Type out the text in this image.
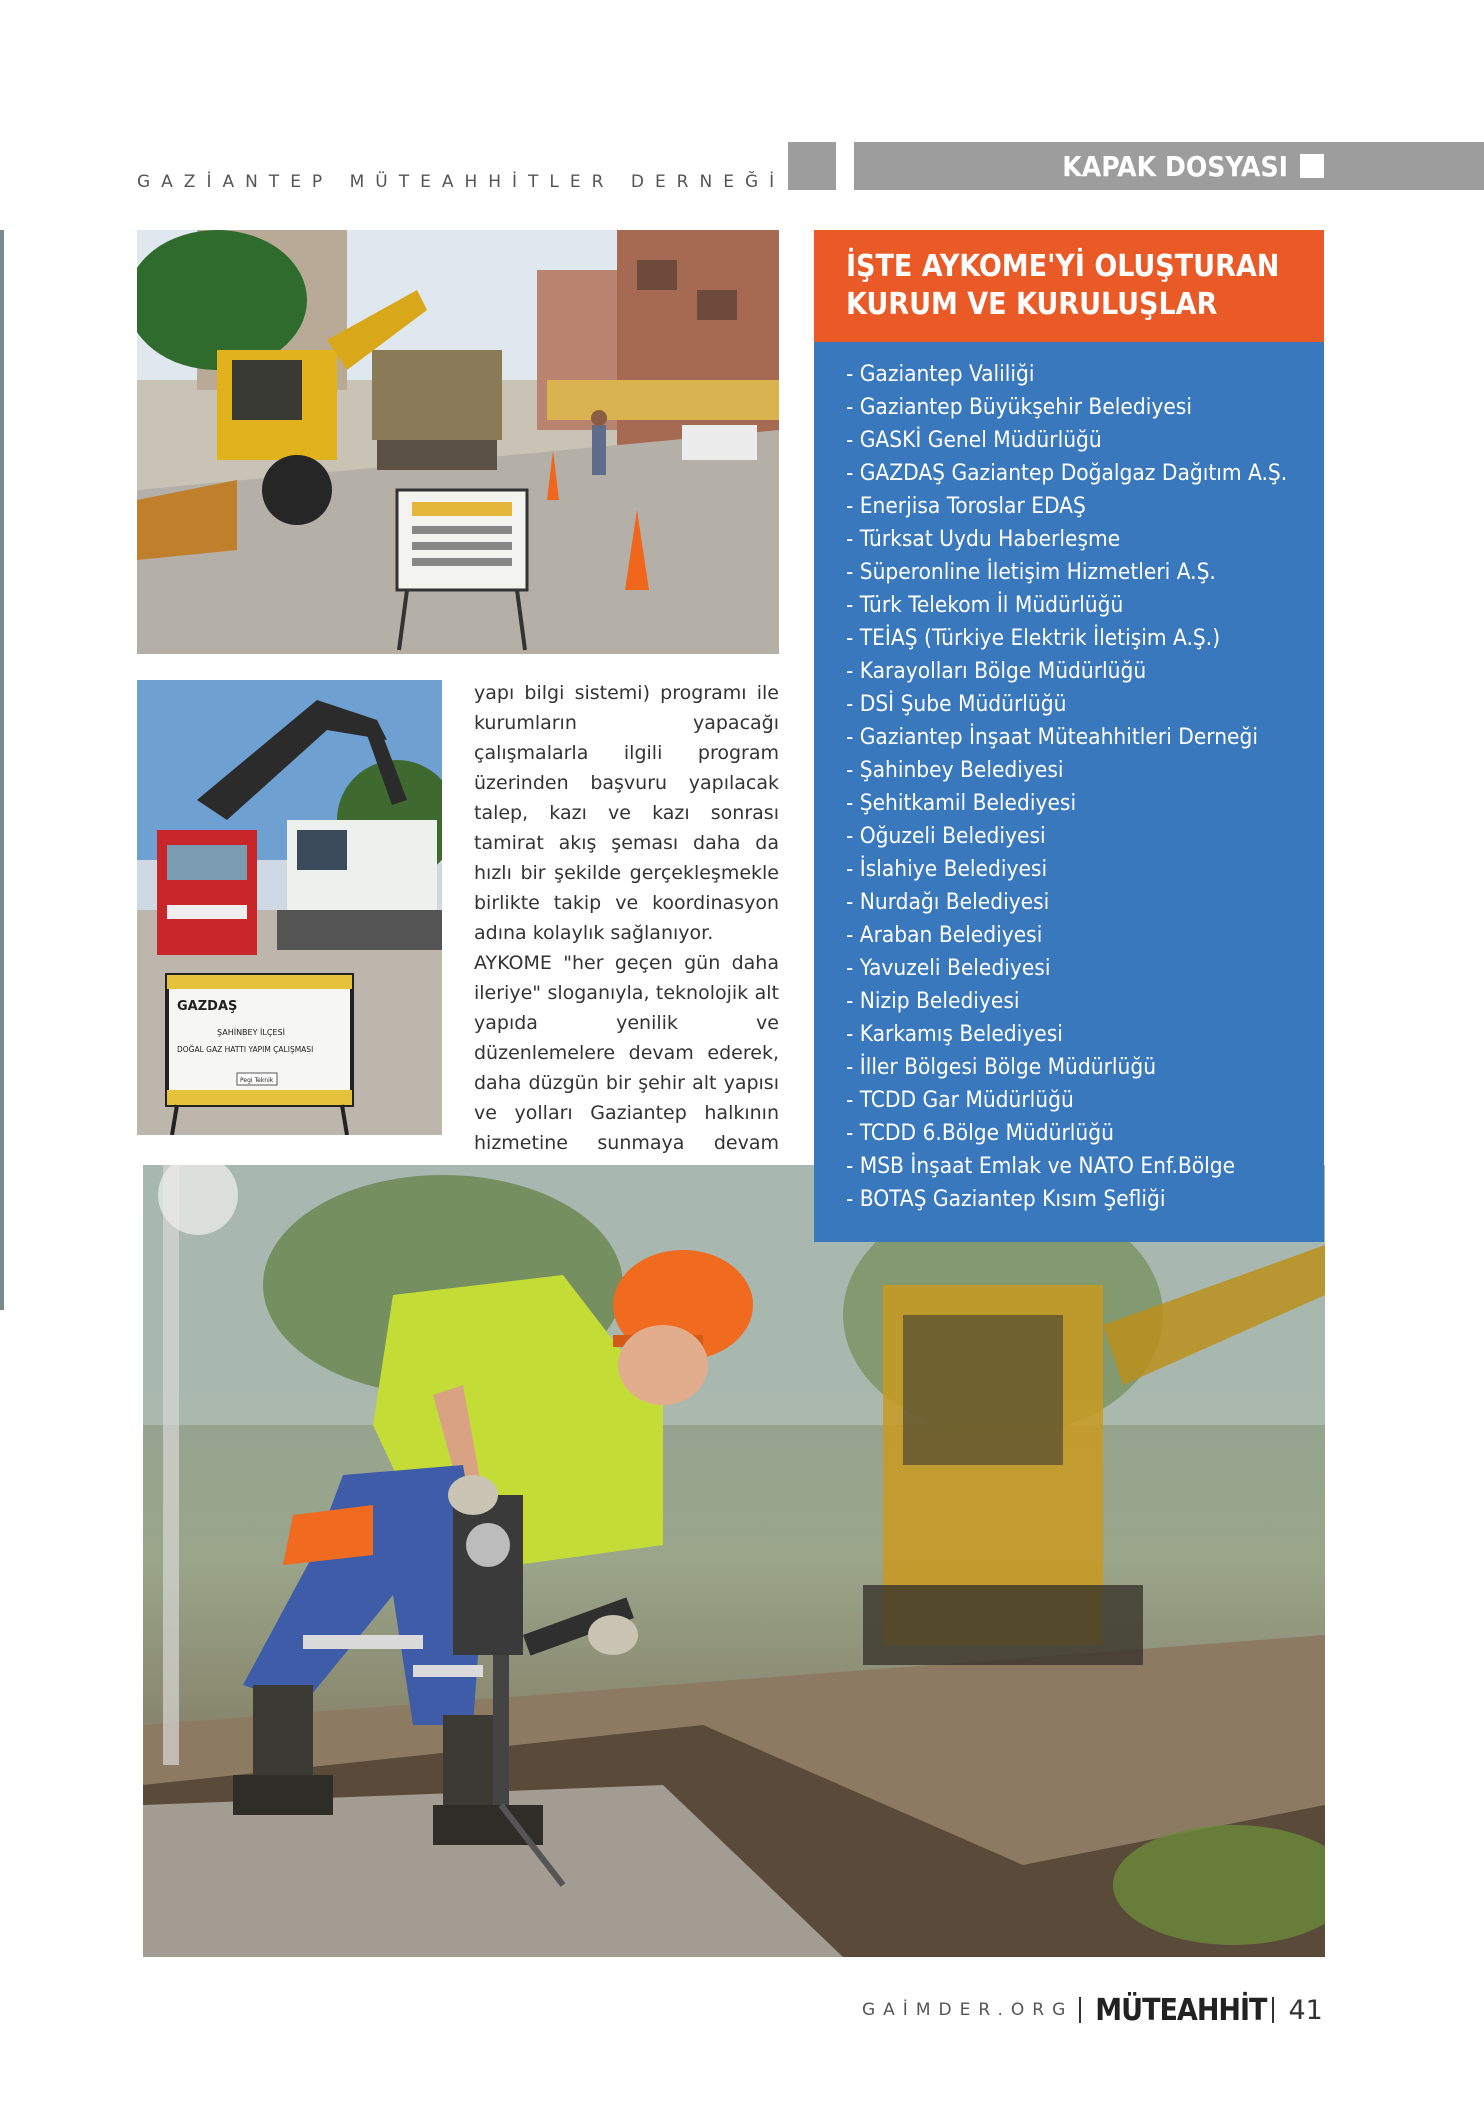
GAZİANTEP MÜTEAHHİTLER DERNEĞİ	KAPAK DOSYASI
GAZDAŞ
ŞAHİNBEY İLÇESİ
DOĞAL GAZ HATTI YAPIM ÇALIŞMASI
Pegi Teknik

yapı bilgi sistemi) programı ile kurumların yapacağı çalışmalarla ilgili program üzerinden başvuru yapılacak talep, kazı ve kazı sonrası tamirat akış şeması daha da hızlı bir şekilde gerçekleşmekle birlikte takip ve koordinasyon adına kolaylık sağlanıyor.

AYKOME "her geçen gün daha ileriye" sloganıyla, teknolojik alt yapıda yenilik ve düzenlemelere devam ederek, daha düzgün bir şehir alt yapısı ve yolları Gaziantep halkının hizmetine sunmaya devam

İŞTE AYKOME'Yİ OLUŞTURAN
KURUM VE KURULUŞLAR
- Gaziantep Valiliği
- Gaziantep Büyükşehir Belediyesi
- GASKİ Genel Müdürlüğü
- GAZDAŞ Gaziantep Doğalgaz Dağıtım A.Ş.
- Enerjisa Toroslar EDAŞ
- Türksat Uydu Haberleşme
- Süperonline İletişim Hizmetleri A.Ş.
- Türk Telekom İl Müdürlüğü
- TEİAŞ (Türkiye Elektrik İletişim A.Ş.)
- Karayolları Bölge Müdürlüğü
- DSİ Şube Müdürlüğü
- Gaziantep İnşaat Müteahhitleri Derneği
- Şahinbey Belediyesi
- Şehitkamil Belediyesi
- Oğuzeli Belediyesi
- İslahiye Belediyesi
- Nurdağı Belediyesi
- Araban Belediyesi
- Yavuzeli Belediyesi
- Nizip Belediyesi
- Karkamış Belediyesi
- İller Bölgesi Bölge Müdürlüğü
- TCDD Gar Müdürlüğü
- TCDD 6.Bölge Müdürlüğü
- MSB İnşaat Emlak ve NATO Enf.Bölge
- BOTAŞ Gaziantep Kısım Şefliği
GAİMDER.ORG MÜTEAHHİT 41
